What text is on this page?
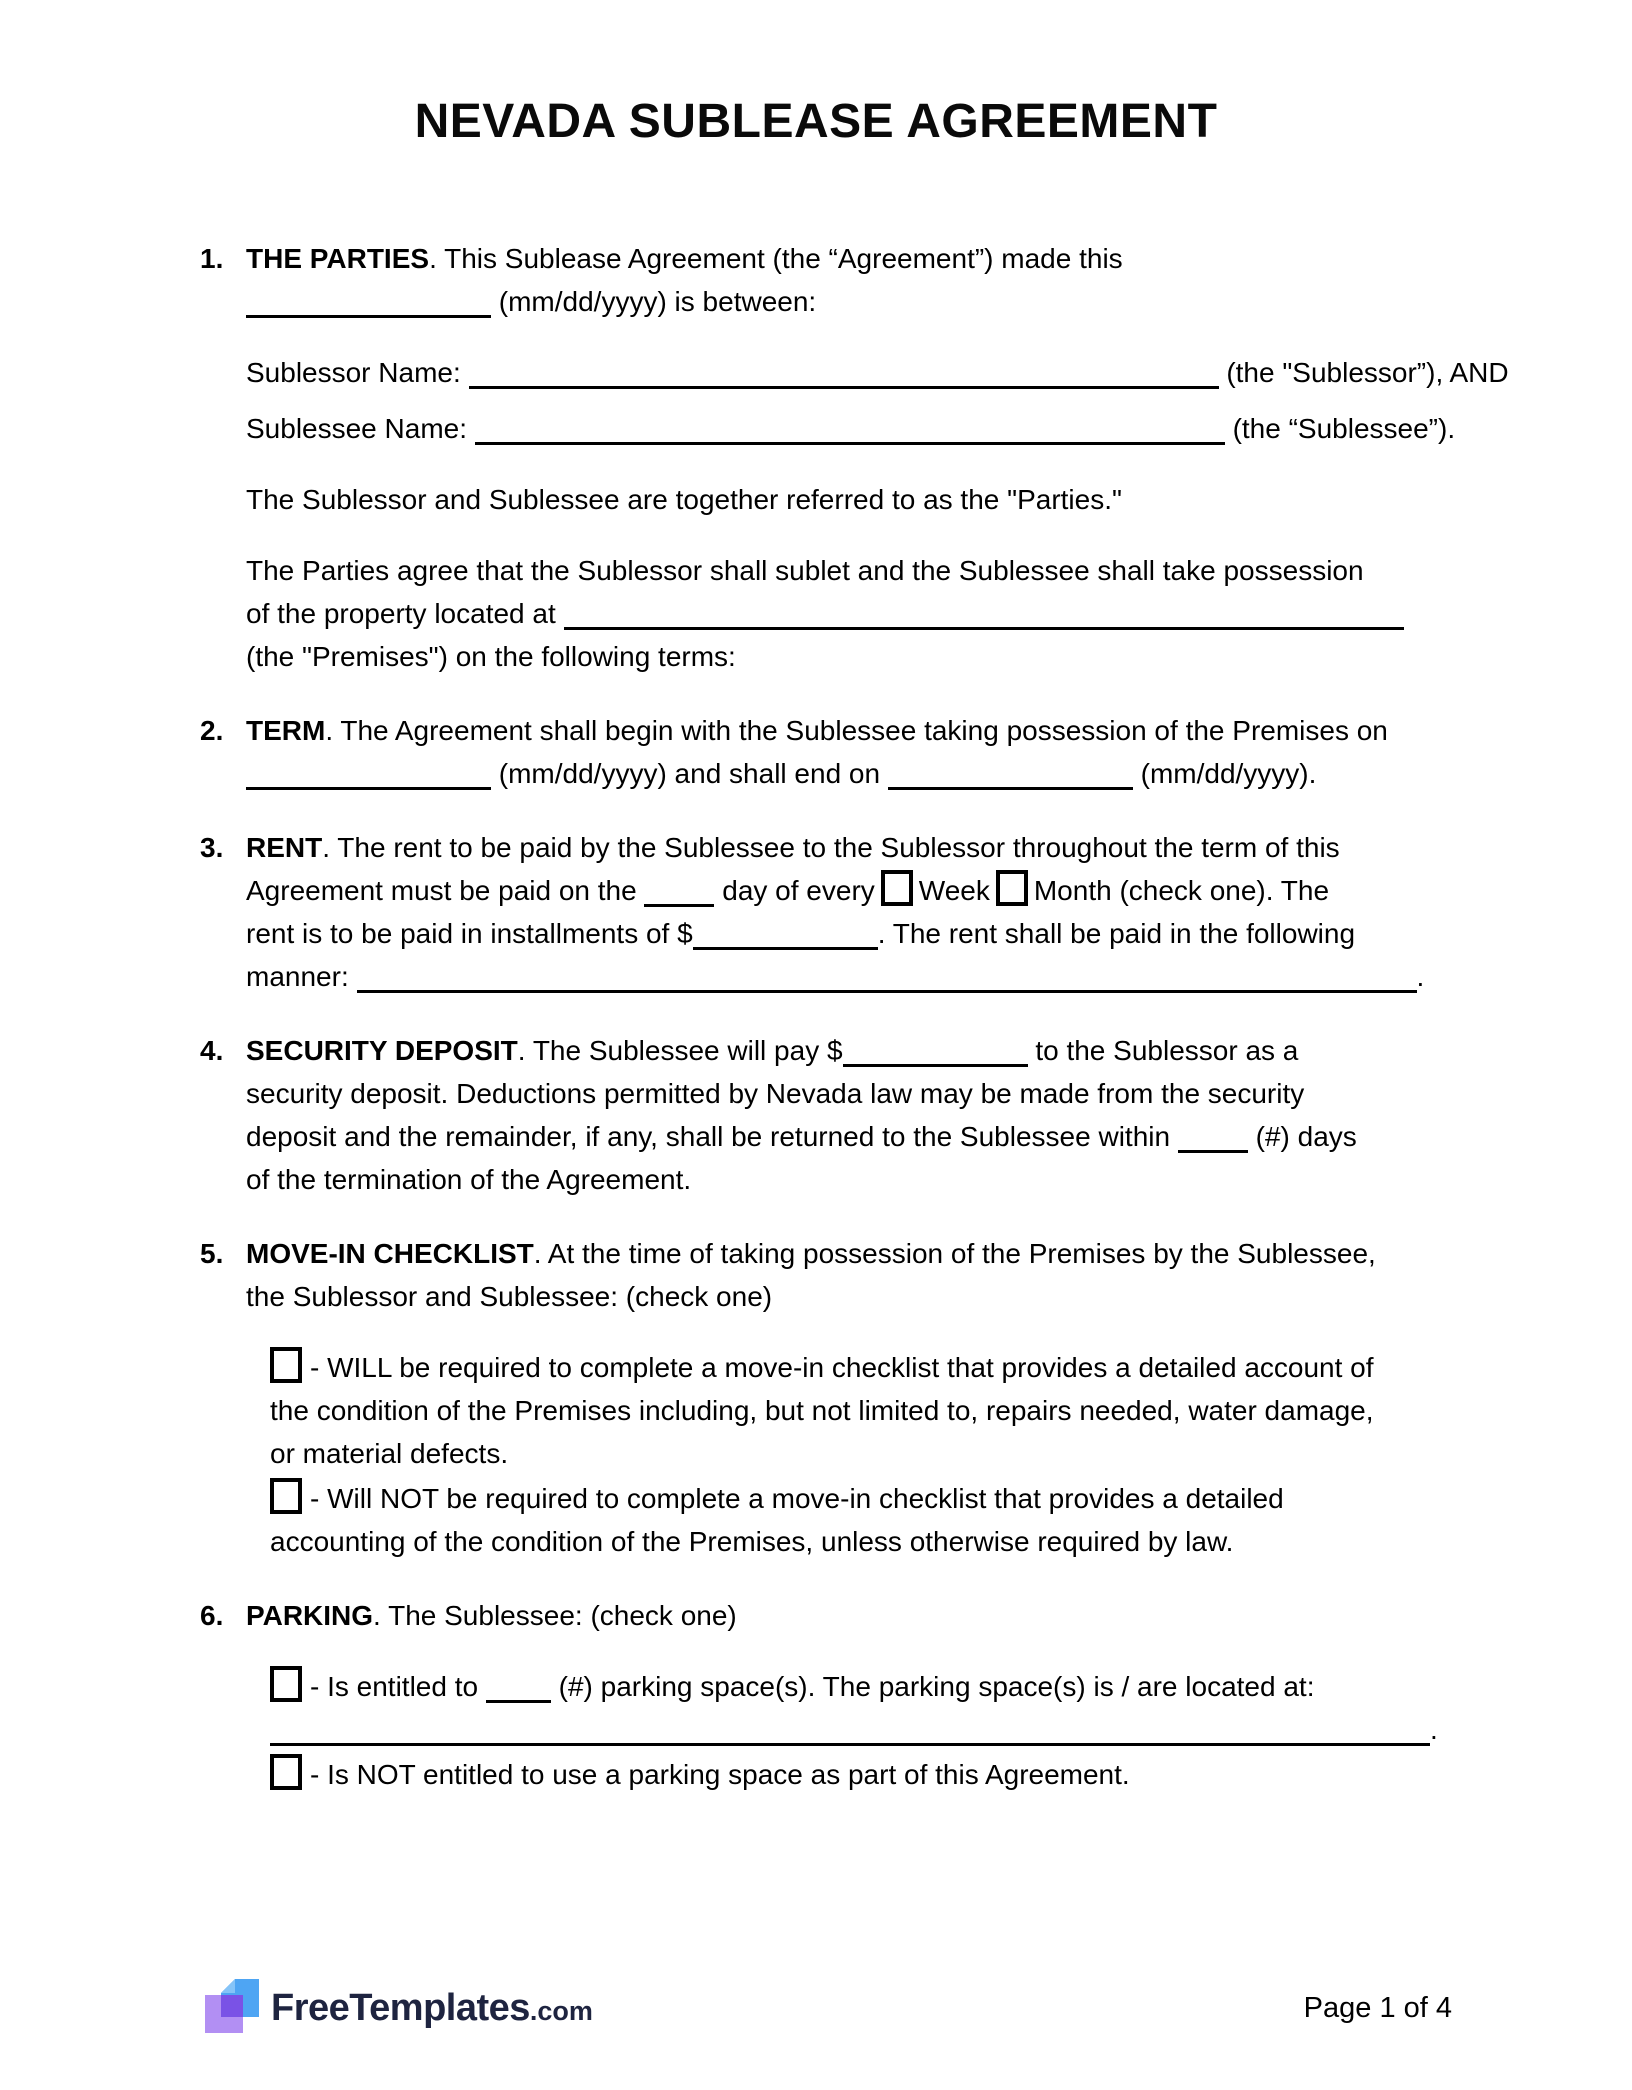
NEVADA SUBLEASE AGREEMENT
1. THE PARTIES. This Sublease Agreement (the “Agreement”) made this
(mm/dd/yyyy) is between:
Sublessor Name:	(the "Sublessor”), AND
Sublessee Name:	(the “Sublessee”).
The Sublessor and Sublessee are together referred to as the "Parties."
The Parties agree that the Sublessor shall sublet and the Sublessee shall take possession
of the property located at
(the "Premises") on the following terms:
2. TERM. The Agreement shall begin with the Sublessee taking possession of the Premises on
(mm/dd/yyyy) and shall end on	(mm/dd/yyyy).
3. RENT. The rent to be paid by the Sublessee to the Sublessor throughout the term of this
Agreement must be paid on the	day of every Week Month (check one). The
rent is to be paid in installments of $	. The rent shall be paid in the following
manner:	.
4. SECURITY DEPOSIT. The Sublessee will pay $	to the Sublessor as a
security deposit. Deductions permitted by Nevada law may be made from the security
deposit and the remainder, if any, shall be returned to the Sublessee within	(#) days
of the termination of the Agreement.
5. MOVE-IN CHECKLIST. At the time of taking possession of the Premises by the Sublessee,
the Sublessor and Sublessee: (check one)
- WILL be required to complete a move-in checklist that provides a detailed account of
the condition of the Premises including, but not limited to, repairs needed, water damage,
or material defects.
- Will NOT be required to complete a move-in checklist that provides a detailed
accounting of the condition of the Premises, unless otherwise required by law.
6. PARKING. The Sublessee: (check one)
- Is entitled to  (#) parking space(s). The parking space(s) is / are located at:
.
- Is NOT entitled to use a parking space as part of this Agreement.
FreeTemplates .com	Page 1 of 4
